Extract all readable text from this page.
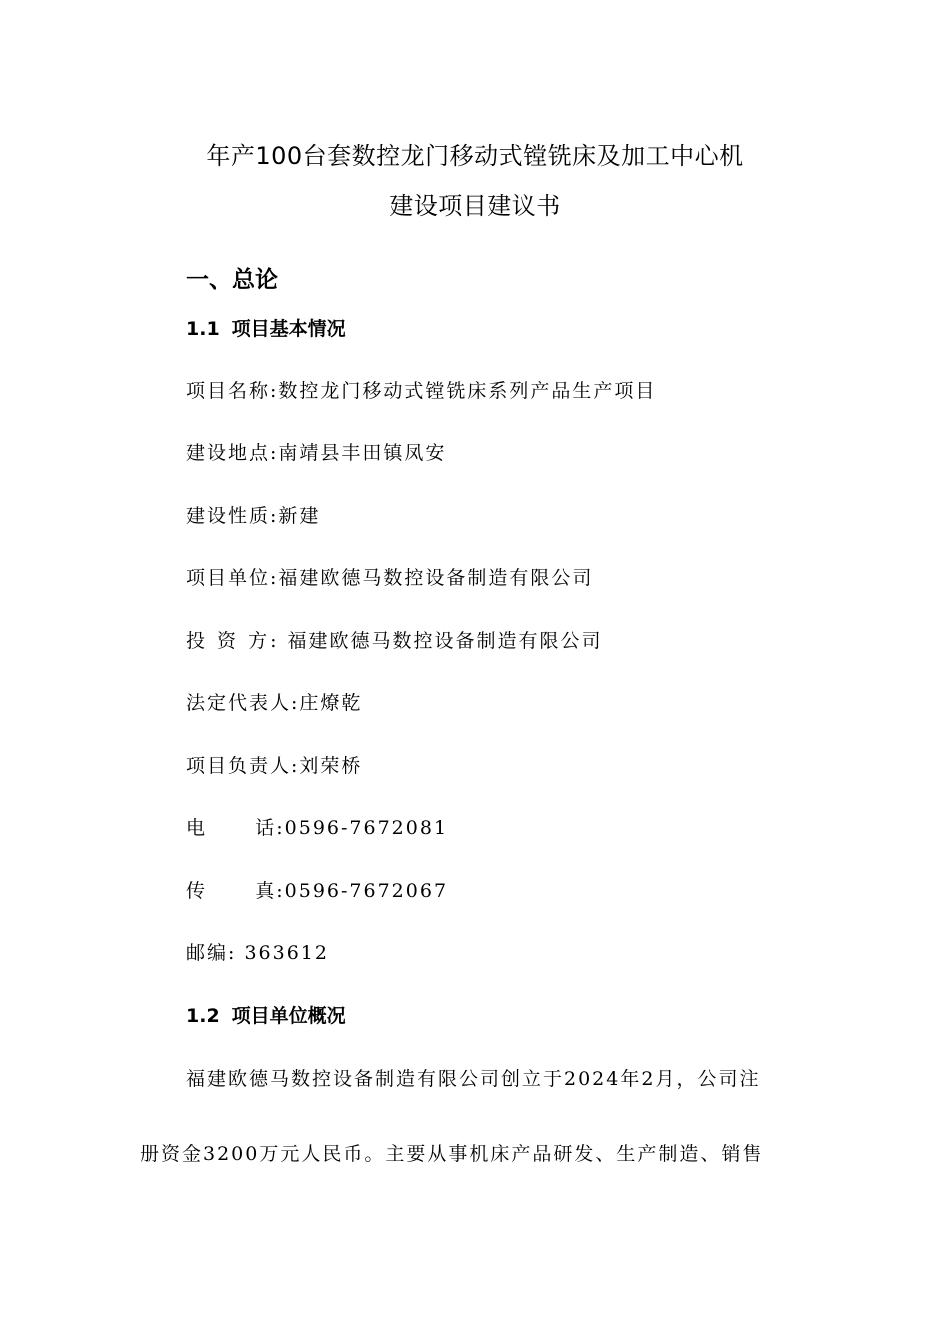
年产100台套数控龙门移动式镗铣床及加工中心机
建设项目建议书
一、总论
1.1 项目基本情况
项目名称:数控龙门移动式镗铣床系列产品生产项目
建设地点:南靖县丰田镇凤安
建设性质:新建
项目单位:福建欧德马数控设备制造有限公司
投 资 方: 福建欧德马数控设备制造有限公司
法定代表人:庄燎乾
项目负责人:刘荣桥
电      话:0596-7672081
传      真:0596-7672067
邮编: 363612
1.2 项目单位概况
福建欧德马数控设备制造有限公司创立于2024年2月，公司注
册资金3200万元人民币。主要从事机床产品研发、生产制造、销售
